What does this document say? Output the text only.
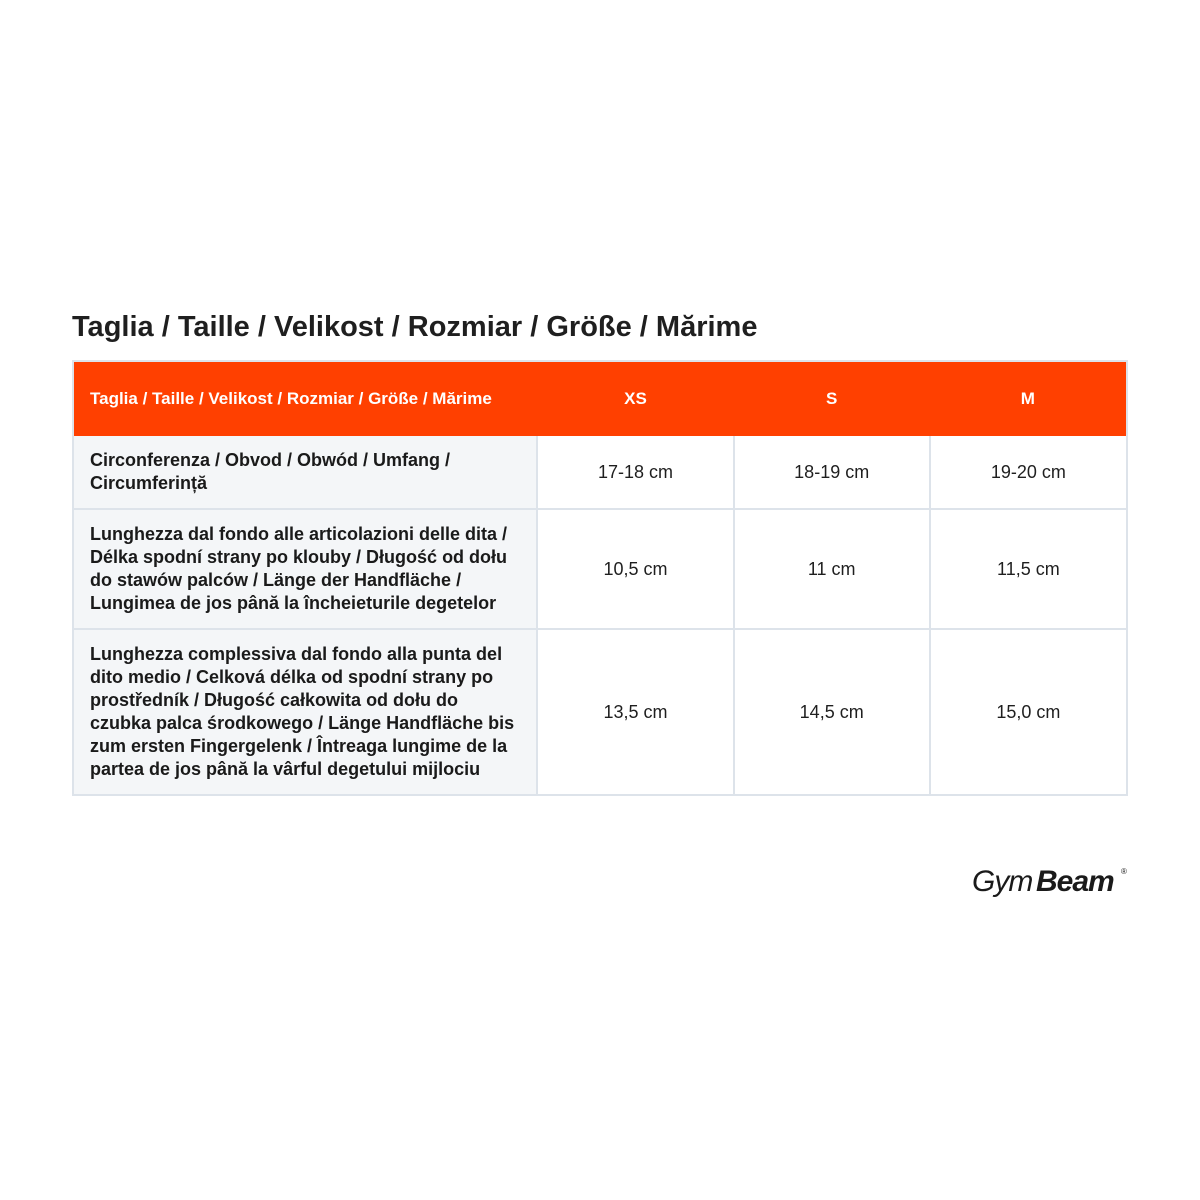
Taglia / Taille / Velikost / Rozmiar / Größe / Mărime
Taglia / Taille / Velikost / Rozmiar / Größe / Mărime	XS	S	M
Circonferenza / Obvod / Obwód / Umfang / Circumferință	17-18 cm	18-19 cm	19-20 cm
Lunghezza dal fondo alle articolazioni delle dita / Délka spodní strany po klouby / Długość od dołu do stawów palców / Länge der Handfläche / Lungimea de jos până la încheieturile degetelor	10,5 cm	11 cm	11,5 cm
Lunghezza complessiva dal fondo alla punta del dito medio / Celková délka od spodní strany po prostředník / Długość całkowita od dołu do czubka palca środkowego / Länge Handfläche bis zum ersten Fingergelenk / Întreaga lungime de la partea de jos până la vârful degetului mijlociu	13,5 cm	14,5 cm	15,0 cm
Gym Beam ®
